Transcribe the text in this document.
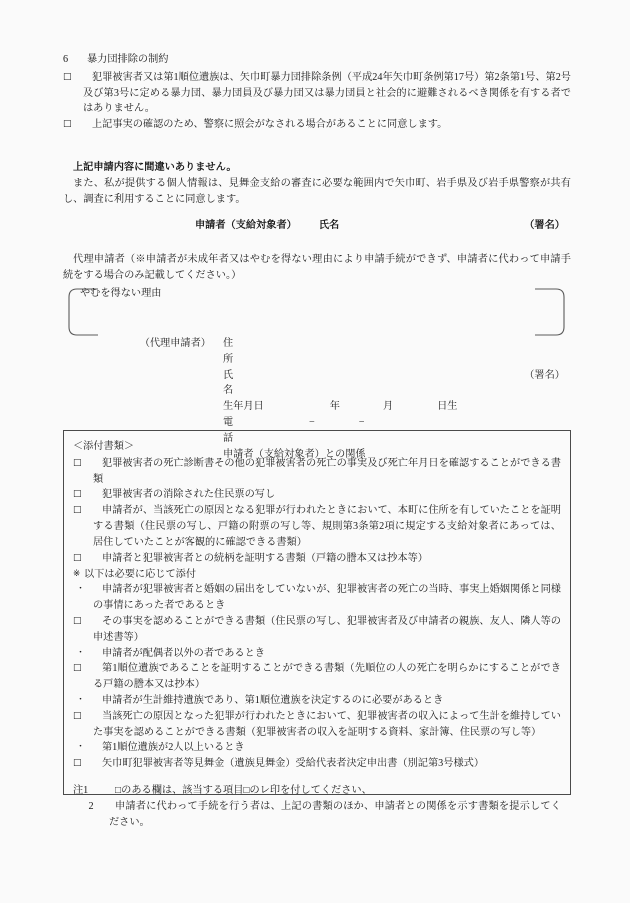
6	暴力団排除の制約
□	犯罪被害者又は第1順位遺族は、矢巾町暴力団排除条例（平成24年矢巾町条例第17号）第2条第1号、第2号及び第3号に定める暴力団、暴力団員及び暴力団又は暴力団員と社会的に避難されるべき関係を有する者ではありません。
□	上記事実の確認のため、警察に照会がなされる場合があることに同意します。

上記申請内容に間違いありません。

また、私が提供する個人情報は、見舞金支給の審査に必要な範囲内で矢巾町、岩手県及び岩手県警察が共有し、調査に利用することに同意します。

申請者（支給対象者） 氏名	（署名）

代理申請者（※申請者が未成年者又はやむを得ない理由により申請手続ができず、申請者に代わって申請手続をする場合のみ記載してください。）

やむを得ない理由
（代理申請者）	住　　所
氏　　名
（署名）
生年月日	年	月	日生
電　　話
−	−
申請者（支給対象者）との関係

＜添付書類＞

□	犯罪被害者の死亡診断書その他の犯罪被害者の死亡の事実及び死亡年月日を確認することができる書類
□	犯罪被害者の消除された住民票の写し
□	申請者が、当該死亡の原因となる犯罪が行われたときにおいて、本町に住所を有していたことを証明する書類（住民票の写し、戸籍の附票の写し等、規則第3条第2項に規定する支給対象者にあっては、居住していたことが客観的に確認できる書類）
□	申請者と犯罪被害者との続柄を証明する書類（戸籍の謄本又は抄本等）
※ 以下は必要に応じて添付
・	申請者が犯罪被害者と婚姻の届出をしていないが、犯罪被害者の死亡の当時、事実上婚姻関係と同様の事情にあった者であるとき
□	その事実を認めることができる書類（住民票の写し、犯罪被害者及び申請者の親族、友人、隣人等の申述書等）
・	申請者が配偶者以外の者であるとき
□	第1順位遺族であることを証明することができる書類（先順位の人の死亡を明らかにすることができる戸籍の謄本又は抄本）
・	申請者が生計維持遺族であり、第1順位遺族を決定するのに必要があるとき
□	当該死亡の原因となった犯罪が行われたときにおいて、犯罪被害者の収入によって生計を維持していた事実を認めることができる書類（犯罪被害者の収入を証明する資料、家計簿、住民票の写し等）
・	第1順位遺族が2人以上いるとき
□	矢巾町犯罪被害者等見舞金（遺族見舞金）受給代表者決定申出書（別記第3号様式）
注1	□のある欄は、該当する項目□のレ印を付してください、
2	申請者に代わって手続を行う者は、上記の書類のほか、申請者との関係を示す書類を提示してください。
